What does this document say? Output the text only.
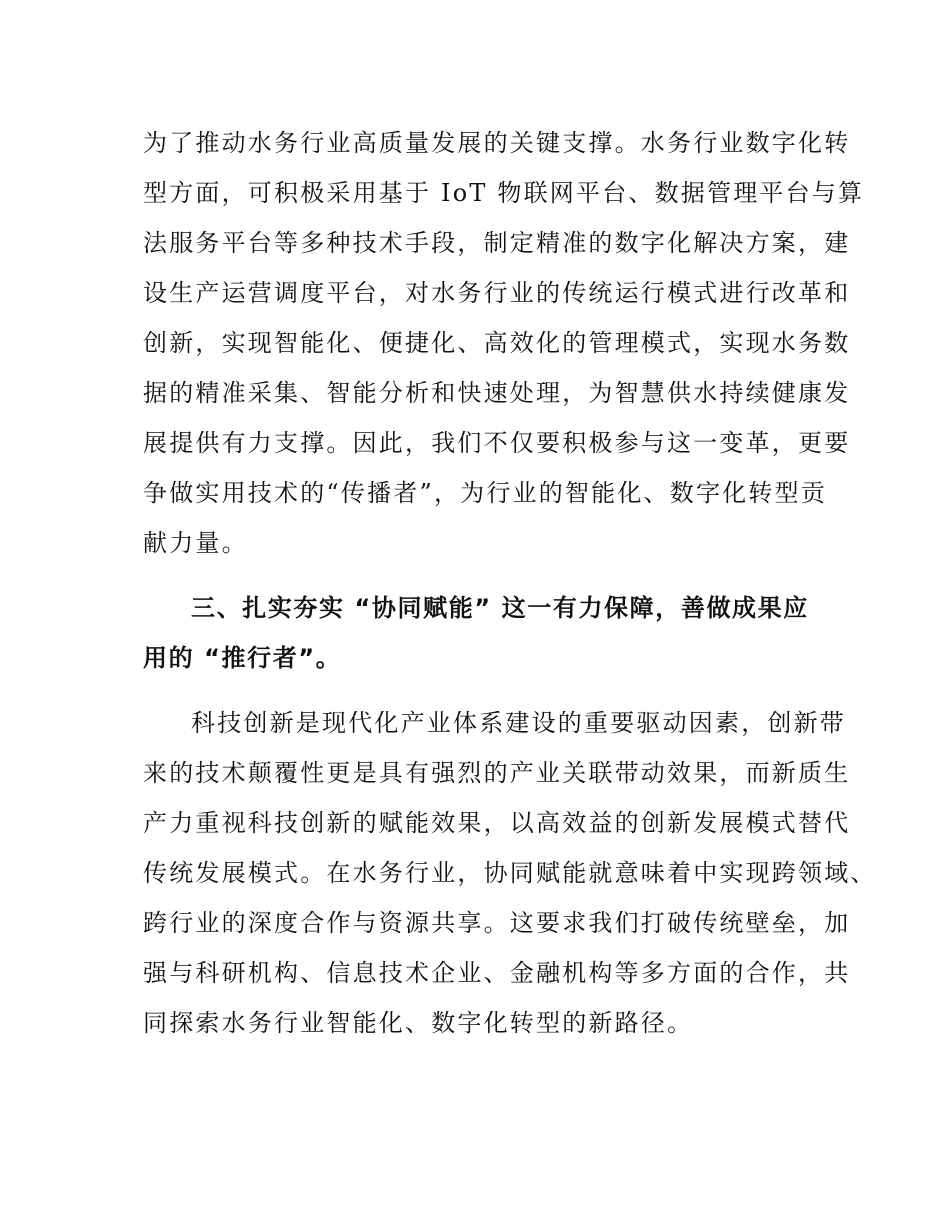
为了推动水务行业高质量发展的关键支撑。水务行业数字化转
型方面，可积极采用基于 IoT 物联网平台、数据管理平台与算
法服务平台等多种技术手段，制定精准的数字化解决方案，建
设生产运营调度平台，对水务行业的传统运行模式进行改革和
创新，实现智能化、便捷化、高效化的管理模式，实现水务数
据的精准采集、智能分析和快速处理，为智慧供水持续健康发
展提供有力支撑。因此，我们不仅要积极参与这一变革，更要
争做实用技术的“传播者”，为行业的智能化、数字化转型贡
献力量。
三、扎实夯实 “协同赋能” 这一有力保障，善做成果应
用的 “推行者”。
科技创新是现代化产业体系建设的重要驱动因素，创新带
来的技术颠覆性更是具有强烈的产业关联带动效果，而新质生
产力重视科技创新的赋能效果，以高效益的创新发展模式替代
传统发展模式。在水务行业，协同赋能就意味着中实现跨领域、
跨行业的深度合作与资源共享。这要求我们打破传统壁垒，加
强与科研机构、信息技术企业、金融机构等多方面的合作，共
同探索水务行业智能化、数字化转型的新路径。
